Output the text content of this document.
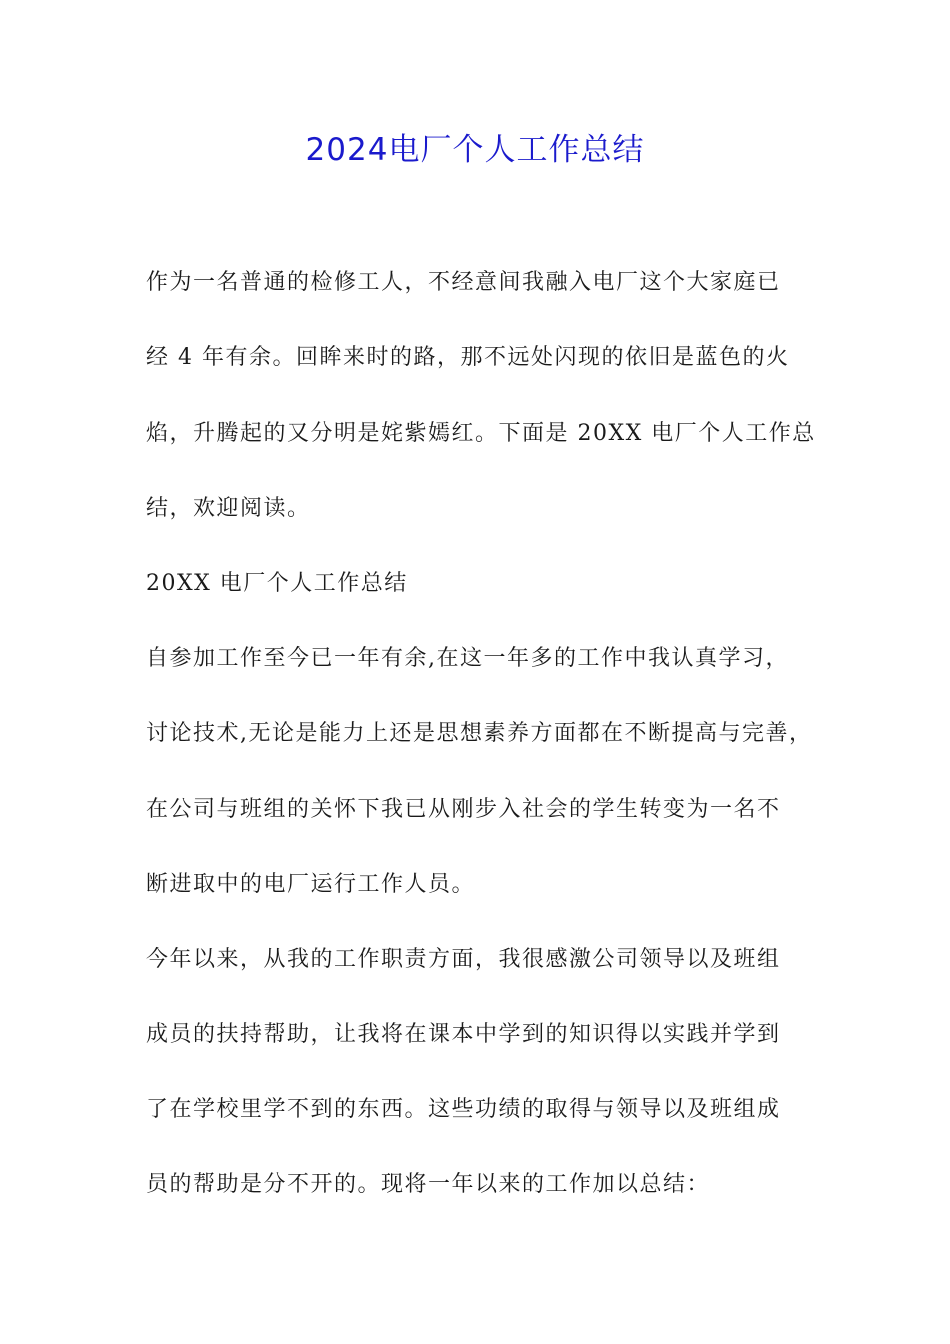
2024电厂个人工作总结
作为一名普通的检修工人，不经意间我融入电厂这个大家庭已
经 4 年有余。回眸来时的路，那不远处闪现的依旧是蓝色的火
焰，升腾起的又分明是姹紫嫣红。下面是 20XX 电厂个人工作总
结，欢迎阅读。
20XX 电厂个人工作总结
自参加工作至今已一年有余,在这一年多的工作中我认真学习，
讨论技术,无论是能力上还是思想素养方面都在不断提高与完善，
在公司与班组的关怀下我已从刚步入社会的学生转变为一名不
断进取中的电厂运行工作人员。
今年以来，从我的工作职责方面，我很感激公司领导以及班组
成员的扶持帮助，让我将在课本中学到的知识得以实践并学到
了在学校里学不到的东西。这些功绩的取得与领导以及班组成
员的帮助是分不开的。现将一年以来的工作加以总结：
